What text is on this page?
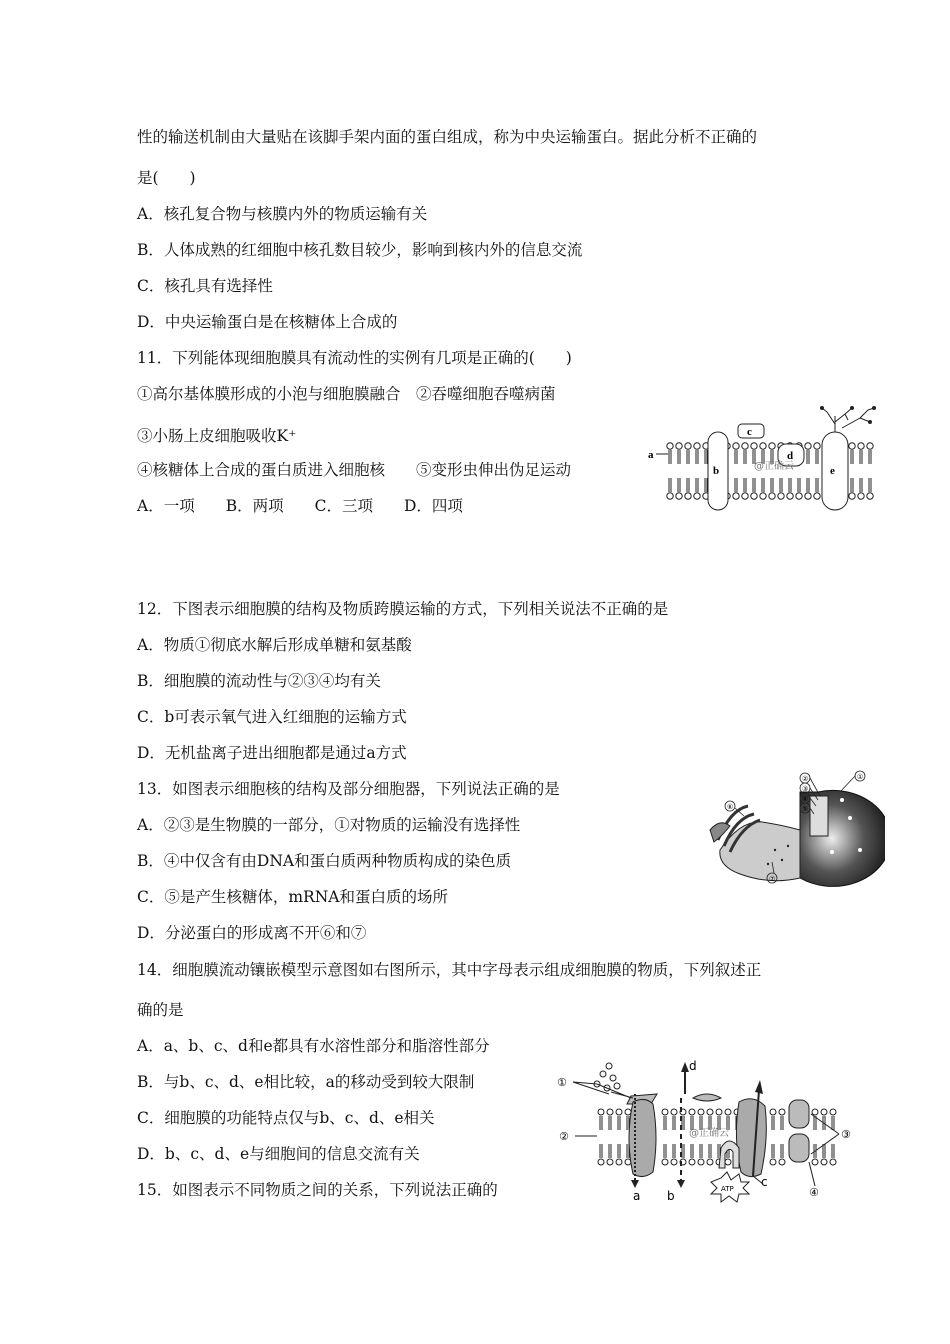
性的输送机制由大量贴在该脚手架内面的蛋白组成，称为中央运输蛋白。据此分析不正确的
是(　　)
A．核孔复合物与核膜内外的物质运输有关
B．人体成熟的红细胞中核孔数目较少，影响到核内外的信息交流
C．核孔具有选择性
D．中央运输蛋白是在核糖体上合成的
11．下列能体现细胞膜具有流动性的实例有几项是正确的(　　)
①高尔基体膜形成的小泡与细胞膜融合　②吞噬细胞吞噬病菌
③小肠上皮细胞吸收K⁺
④核糖体上合成的蛋白质进入细胞核　　⑤变形虫伸出伪足运动
A．一项　　B．两项　　C．三项　　D．四项
12．下图表示细胞膜的结构及物质跨膜运输的方式，下列相关说法不正确的是
A．物质①彻底水解后形成单糖和氨基酸
B．细胞膜的流动性与②③④均有关
C．b可表示氧气进入红细胞的运输方式
D．无机盐离子进出细胞都是通过a方式
13．如图表示细胞核的结构及部分细胞器，下列说法正确的是
A．②③是生物膜的一部分，①对物质的运输没有选择性
B．④中仅含有由DNA和蛋白质两种物质构成的染色质
C．⑤是产生核糖体，mRNA和蛋白质的场所
D．分泌蛋白的形成离不开⑥和⑦
14．细胞膜流动镶嵌模型示意图如右图所示，其中字母表示组成细胞膜的物质，下列叙述正
确的是
A．a、b、c、d和e都具有水溶性部分和脂溶性部分
B．与b、c、d、e相比较，a的移动受到较大限制
C．细胞膜的功能特点仅与b、c、d、e相关
D．b、c、d、e与细胞间的信息交流有关
15．如图表示不同物质之间的关系，下列说法正确的
a
b
c
d
e
@正确云
②
③
④
⑤
①
⑥
⑦
①
②	③
④
a b
c
d
ATP
@正确云
